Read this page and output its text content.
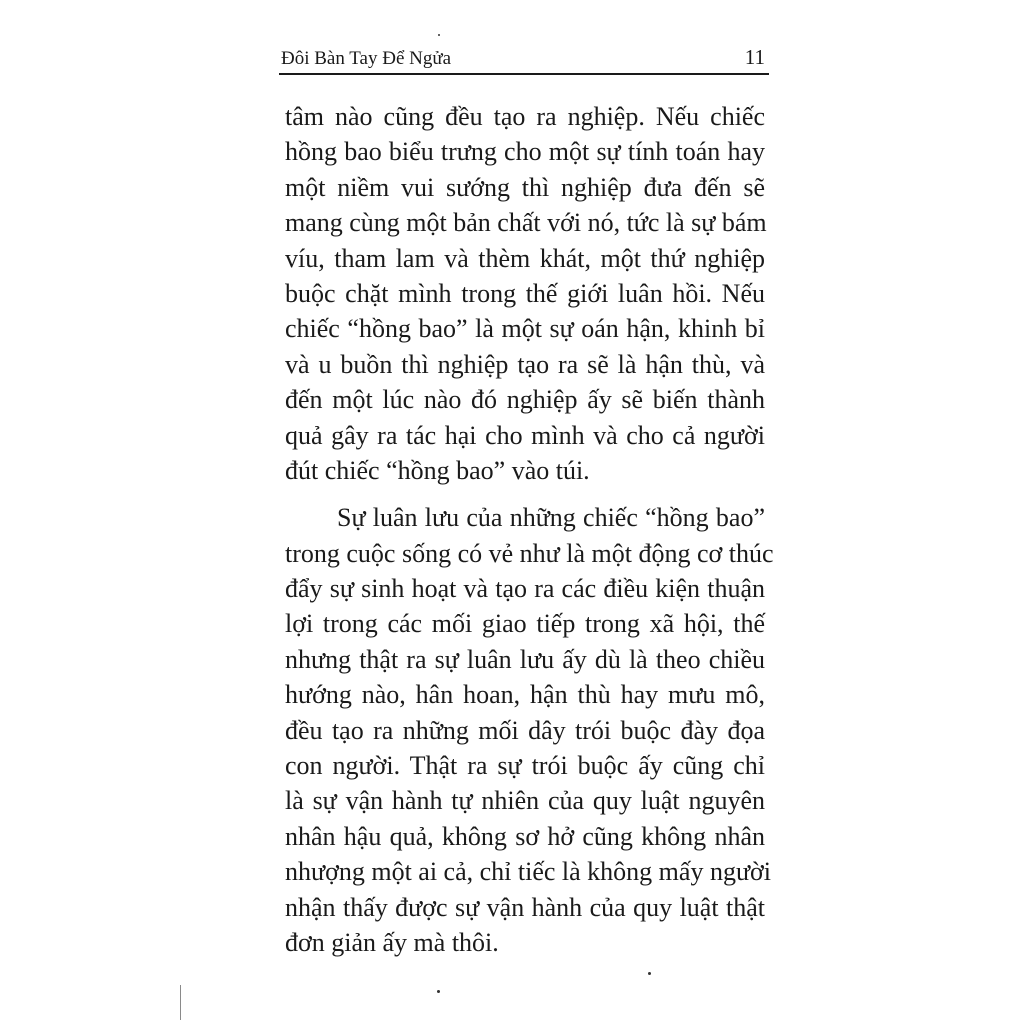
Đôi Bàn Tay Để Ngửa	11
tâm nào cũng đều tạo ra nghiệp. Nếu chiếc
hồng bao biểu trưng cho một sự tính toán hay
một niềm vui sướng thì nghiệp đưa đến sẽ
mang cùng một bản chất với nó, tức là sự bám
víu, tham lam và thèm khát, một thứ nghiệp
buộc chặt mình trong thế giới luân hồi. Nếu
chiếc “hồng bao” là một sự oán hận, khinh bỉ
và u buồn thì nghiệp tạo ra sẽ là hận thù, và
đến một lúc nào đó nghiệp ấy sẽ biến thành
quả gây ra tác hại cho mình và cho cả người
đút chiếc “hồng bao” vào túi.
Sự luân lưu của những chiếc “hồng bao”
trong cuộc sống có vẻ như là một động cơ thúc
đẩy sự sinh hoạt và tạo ra các điều kiện thuận
lợi trong các mối giao tiếp trong xã hội, thế
nhưng thật ra sự luân lưu ấy dù là theo chiều
hướng nào, hân hoan, hận thù hay mưu mô,
đều tạo ra những mối dây trói buộc đày đọa
con người. Thật ra sự trói buộc ấy cũng chỉ
là sự vận hành tự nhiên của quy luật nguyên
nhân hậu quả, không sơ hở cũng không nhân
nhượng một ai cả, chỉ tiếc là không mấy người
nhận thấy được sự vận hành của quy luật thật
đơn giản ấy mà thôi.
